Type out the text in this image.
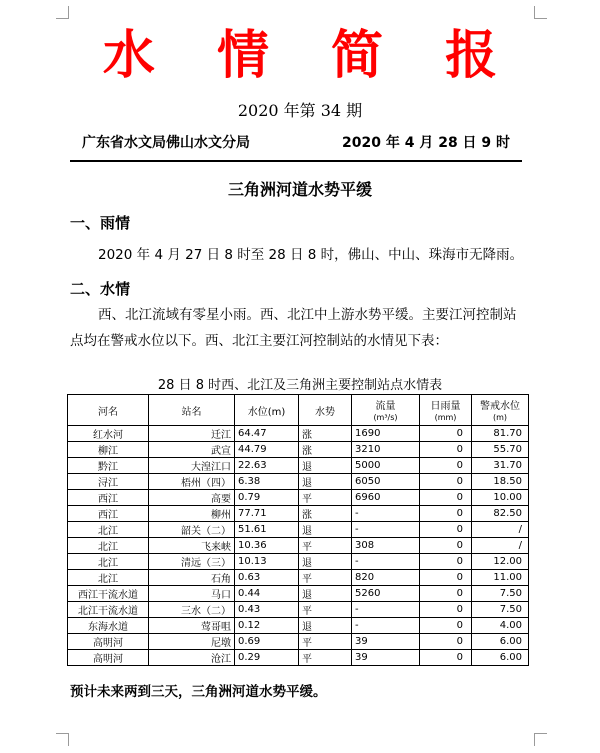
水 情 简 报
2020 年第 34 期
广东省水文局佛山水文分局	2020 年 4 月 28 日 9 时
三角洲河道水势平缓
一、雨情
2020 年 4 月 27 日 8 时至 28 日 8 时，佛山、中山、珠海市无降雨。
二、水情
西、北江流域有零星小雨。西、北江中上游水势平缓。主要江河控制站点均在警戒水位以下。西、北江主要江河控制站的水情见下表：
28 日 8 时西、北江及三角洲主要控制站点水情表
河名	站名	水位(m)	水势	流量
(m³/s)	日雨量
(mm)	警戒水位
(m)
红水河	迁江	64.47	涨	1690	0	81.70
柳江	武宣	44.79	涨	3210	0	55.70
黔江	大湟江口	22.63	退	5000	0	31.70
浔江	梧州（四）	6.38	退	6050	0	18.50
西江	高要	0.79	平	6960	0	10.00
西江	柳州	77.71	涨	-	0	82.50
北江	韶关（二）	51.61	退	-	0	/
北江	飞来峡	10.36	平	308	0	/
北江	清远（三）	10.13	退	-	0	12.00
北江	石角	0.63	平	820	0	11.00
西江干流水道	马口	0.44	退	5260	0	7.50
北江干流水道	三水（二）	0.43	平	-	0	7.50
东海水道	莺哥咀	0.12	退	-	0	4.00
高明河	尼墩	0.69	平	39	0	6.00
高明河	沧江	0.29	平	39	0	6.00
预计未来两到三天，三角洲河道水势平缓。
